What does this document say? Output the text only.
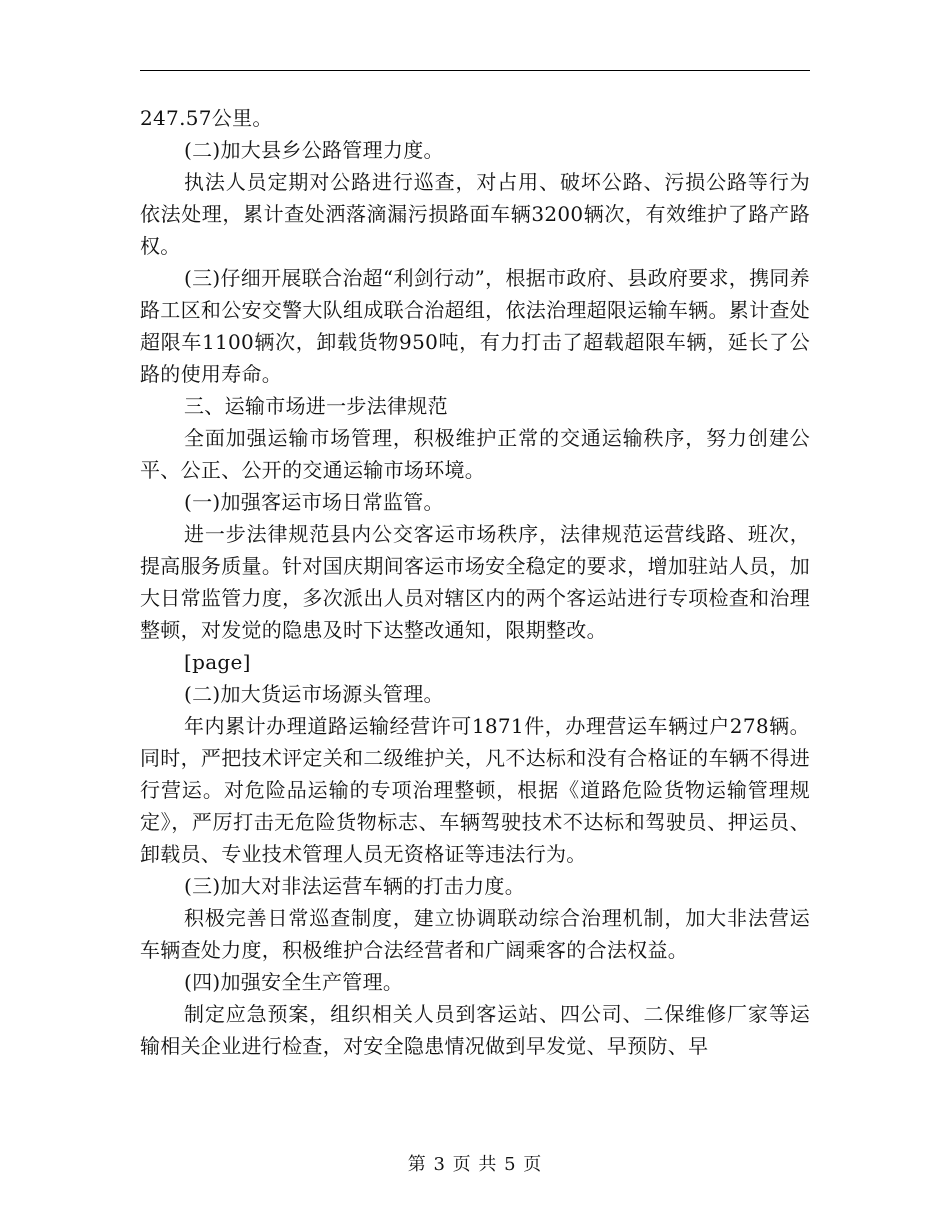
247.57公里。

(二)加大县乡公路管理力度。

执法人员定期对公路进行巡查，对占用、破坏公路、污损公路等行为依法处理，累计查处洒落滴漏污损路面车辆3200辆次，有效维护了路产路权。

(三)仔细开展联合治超“利剑行动”，根据市政府、县政府要求，携同养路工区和公安交警大队组成联合治超组，依法治理超限运输车辆。累计查处超限车1100辆次，卸载货物950吨，有力打击了超载超限车辆，延长了公路的使用寿命。

三、运输市场进一步法律规范

全面加强运输市场管理，积极维护正常的交通运输秩序，努力创建公平、公正、公开的交通运输市场环境。

(一)加强客运市场日常监管。

进一步法律规范县内公交客运市场秩序，法律规范运营线路、班次，提高服务质量。针对国庆期间客运市场安全稳定的要求，增加驻站人员，加大日常监管力度，多次派出人员对辖区内的两个客运站进行专项检查和治理整顿，对发觉的隐患及时下达整改通知，限期整改。

[page]

(二)加大货运市场源头管理。

年内累计办理道路运输经营许可1871件，办理营运车辆过户278辆。同时，严把技术评定关和二级维护关，凡不达标和没有合格证的车辆不得进行营运。对危险品运输的专项治理整顿，根据《道路危险货物运输管理规定》，严厉打击无危险货物标志、车辆驾驶技术不达标和驾驶员、押运员、卸载员、专业技术管理人员无资格证等违法行为。

(三)加大对非法运营车辆的打击力度。

积极完善日常巡查制度，建立协调联动综合治理机制，加大非法营运车辆查处力度，积极维护合法经营者和广阔乘客的合法权益。

(四)加强安全生产管理。

制定应急预案，组织相关人员到客运站、四公司、二保维修厂家等运输相关企业进行检查，对安全隐患情况做到早发觉、早预防、早

第 3 页 共 5 页
